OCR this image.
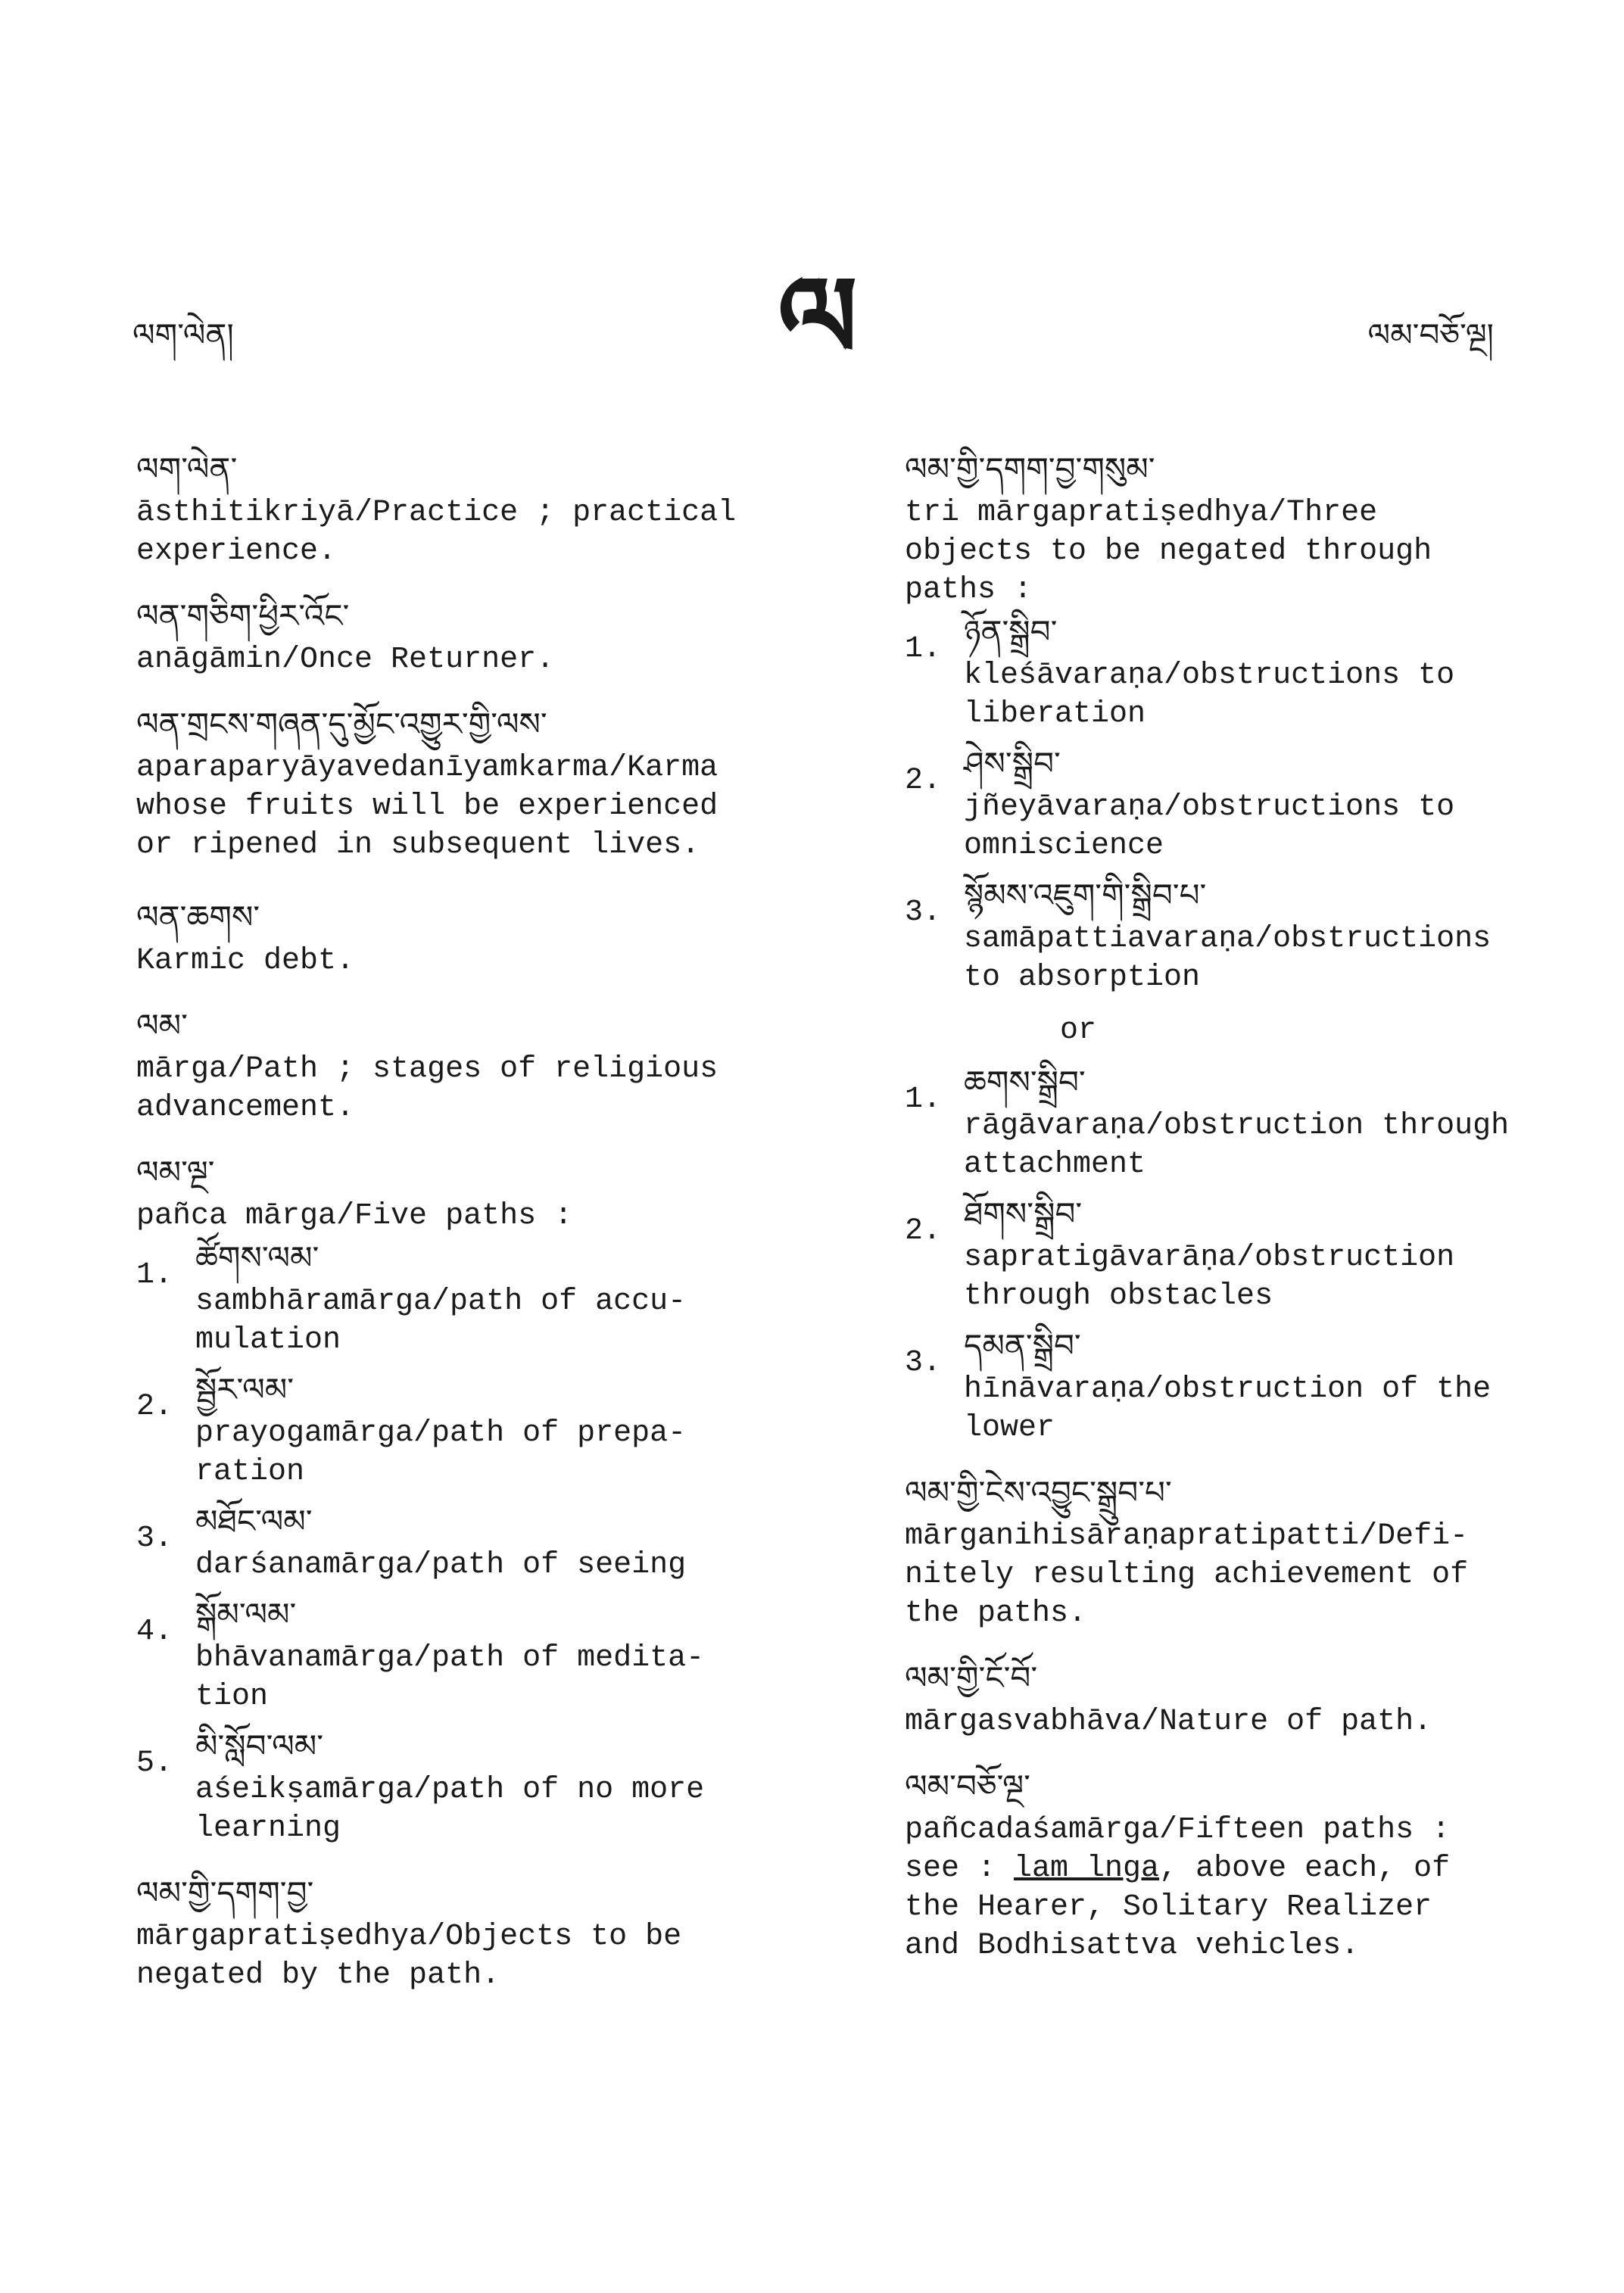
ལག་ལེན།	ལ	ལམ་བཅོ་ལྔ།
ལག་ལེན་

āsthitikriyā/Practice ; practical
experience.

ལན་གཅིག་ཕྱིར་འོང་

anāgāmin/Once Returner.

ལན་གྲངས་གཞན་དུ་མྱོང་འགྱུར་གྱི་ལས་

aparaparyāyavedanīyamkarma/Karma
whose fruits will be experienced
or ripened in subsequent lives.

ལན་ཆགས་

Karmic debt.

ལམ་

mārga/Path ; stages of religious
advancement.

ལམ་ལྔ་

pañca mārga/Five paths :

1. ཚོགས་ལམ་

sambhāramārga/path of accu-
mulation

2. སྦྱོར་ལམ་

prayogamārga/path of prepa-
ration

3. མཐོང་ལམ་

darśanamārga/path of seeing

4. སྒོམ་ལམ་

bhāvanamārga/path of medita-
tion

5. མི་སློབ་ལམ་

aśeikṣamārga/path of no more
learning

ལམ་གྱི་དགག་བྱ་

mārgapratiṣedhya/Objects to be
negated by the path.

ལམ་གྱི་དགག་བྱ་གསུམ་

tri mārgapratiṣedhya/Three
objects to be negated through
paths :

1. ཉོན་སྒྲིབ་

kleśāvaraṇa/obstructions to
liberation

2. ཤེས་སྒྲིབ་

jñeyāvaraṇa/obstructions to
omniscience

3. སྙོམས་འཇུག་གི་སྒྲིབ་པ་

samāpattiavaraṇa/obstructions
to absorption

or
1. ཆགས་སྒྲིབ་

rāgāvaraṇa/obstruction through
attachment

2. ཐོགས་སྒྲིབ་

sapratigāvarāṇa/obstruction
through obstacles

3. དམན་སྒྲིབ་

hīnāvaraṇa/obstruction of the
lower

ལམ་གྱི་ངེས་འབྱུང་སྒྲུབ་པ་

mārganihisāraṇapratipatti/Defi-
nitely resulting achievement of
the paths.

ལམ་གྱི་ངོ་བོ་

mārgasvabhāva/Nature of path.

ལམ་བཅོ་ལྔ་

pañcadaśamārga/Fifteen paths :
see : lam lnga, above each, of
the Hearer, Solitary Realizer
and Bodhisattva vehicles.
